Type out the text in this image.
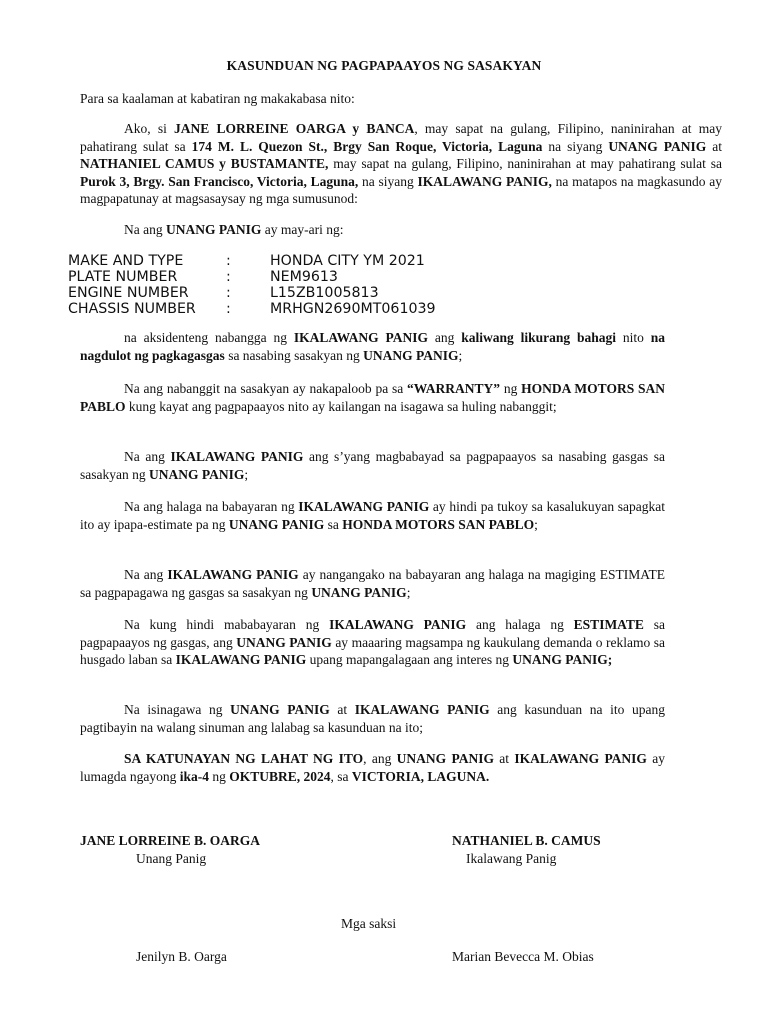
KASUNDUAN NG PAGPAPAAYOS NG SASAKYAN

Para sa kaalaman at kabatiran ng makakabasa nito:

Ako, si JANE LORREINE OARGA y BANCA, may sapat na gulang, Filipino, naninirahan at may pahatirang sulat sa 174 M. L. Quezon St., Brgy San Roque, Victoria, Laguna na siyang UNANG PANIG at NATHANIEL CAMUS y BUSTAMANTE, may sapat na gulang, Filipino, naninirahan at may pahatirang sulat sa Purok 3, Brgy. San Francisco, Victoria, Laguna, na siyang IKALAWANG PANIG, na matapos na magkasundo ay magpapatunay at magsasaysay ng mga sumusunod:

Na ang UNANG PANIG ay may-ari ng:

MAKE AND TYPE	:	HONDA CITY YM 2021
PLATE NUMBER	:	NEM9613
ENGINE NUMBER	:	L15ZB1005813
CHASSIS NUMBER	:	MRHGN2690MT061039

na aksidenteng nabangga ng IKALAWANG PANIG ang kaliwang likurang bahagi nito na nagdulot ng pagkagasgas sa nasabing sasakyan ng UNANG PANIG;

Na ang nabanggit na sasakyan ay nakapaloob pa sa “WARRANTY” ng HONDA MOTORS SAN PABLO kung kayat ang pagpapaayos nito ay kailangan na isagawa sa huling nabanggit;

Na ang IKALAWANG PANIG ang s’yang magbabayad sa pagpapaayos sa nasabing gasgas sa sasakyan ng UNANG PANIG;

Na ang halaga na babayaran ng IKALAWANG PANIG ay hindi pa tukoy sa kasalukuyan sapagkat ito ay ipapa-estimate pa ng UNANG PANIG sa HONDA MOTORS SAN PABLO;

Na ang IKALAWANG PANIG ay nangangako na babayaran ang halaga na magiging ESTIMATE sa pagpapagawa ng gasgas sa sasakyan ng UNANG PANIG;

Na kung hindi mababayaran ng IKALAWANG PANIG ang halaga ng ESTIMATE sa pagpapaayos ng gasgas, ang UNANG PANIG ay maaaring magsampa ng kaukulang demanda o reklamo sa husgado laban sa IKALAWANG PANIG upang mapangalagaan ang interes ng UNANG PANIG;

Na isinagawa ng UNANG PANIG at IKALAWANG PANIG ang kasunduan na ito upang pagtibayin na walang sinuman ang lalabag sa kasunduan na ito;

SA KATUNAYAN NG LAHAT NG ITO, ang UNANG PANIG at IKALAWANG PANIG ay lumagda ngayong ika-4 ng OKTUBRE, 2024, sa VICTORIA, LAGUNA.

JANE LORREINE B. OARGA
Unang Panig
NATHANIEL B. CAMUS
Ikalawang Panig
Mga saksi
Jenilyn B. Oarga	Marian Bevecca M. Obias
